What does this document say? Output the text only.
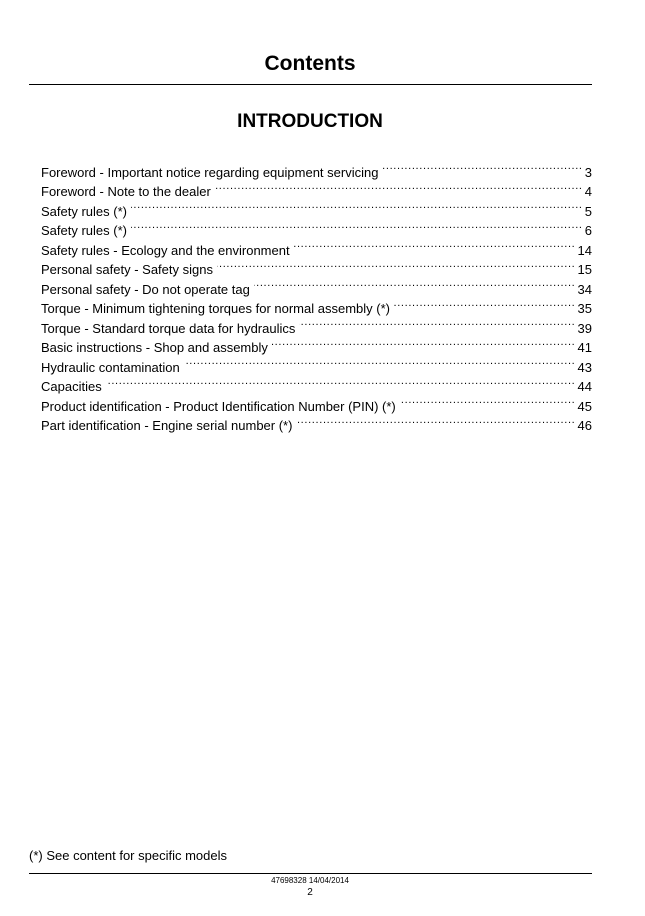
Contents
INTRODUCTION
Foreword - Important notice regarding equipment servicing . . .	3
Foreword - Note to the dealer . . .	4
Safety rules (*) . . .	5
Safety rules (*) . . .	6
Safety rules - Ecology and the environment . . .	14
Personal safety - Safety signs . . .	15
Personal safety - Do not operate tag . . .	34
Torque - Minimum tightening torques for normal assembly (*) . . .	35
Torque - Standard torque data for hydraulics . . .	39
Basic instructions - Shop and assembly . . .	41
Hydraulic contamination . . .	43
Capacities . . .	44
Product identification - Product Identification Number (PIN) (*) . . .	45
Part identification - Engine serial number (*) . . .	46
(*) See content for specific models
47698328 14/04/2014
2
